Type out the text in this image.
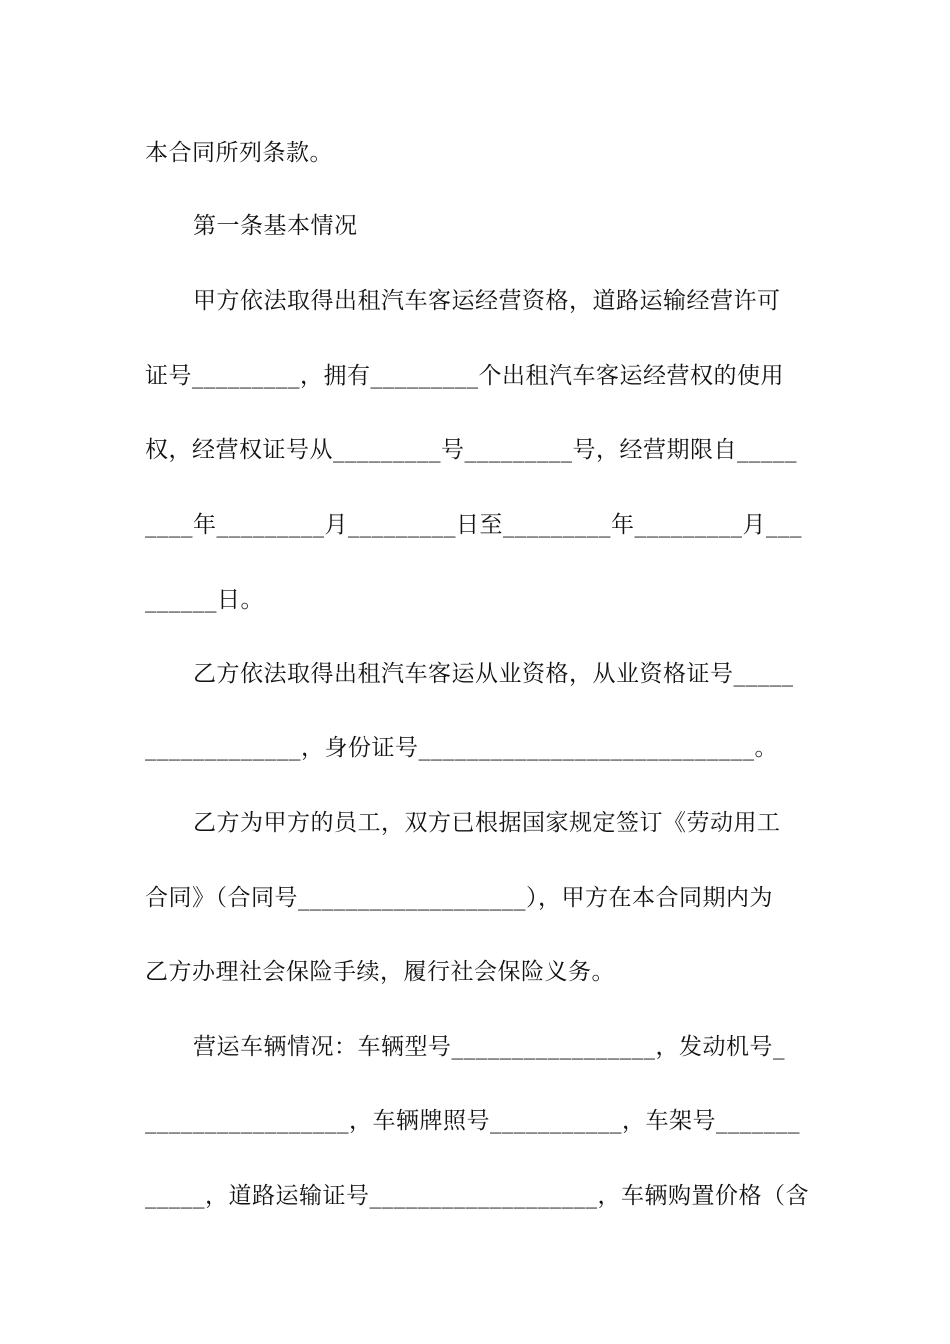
本合同所列条款。
第一条基本情况
甲方依法取得出租汽车客运经营资格，道路运输经营许可
证号_________，拥有_________个出租汽车客运经营权的使用
权，经营权证号从_________号_________号，经营期限自_____
____年_________月_________日至_________年_________月___
______日。
乙方依法取得出租汽车客运从业资格，从业资格证号_____
_____________，身份证号____________________________。
乙方为甲方的员工，双方已根据国家规定签订《劳动用工
合同》（合同号___________________），甲方在本合同期内为
乙方办理社会保险手续，履行社会保险义务。
营运车辆情况：车辆型号_________________，发动机号_
_________________，车辆牌照号___________，车架号_______
_____，道路运输证号___________________，车辆购置价格（含
